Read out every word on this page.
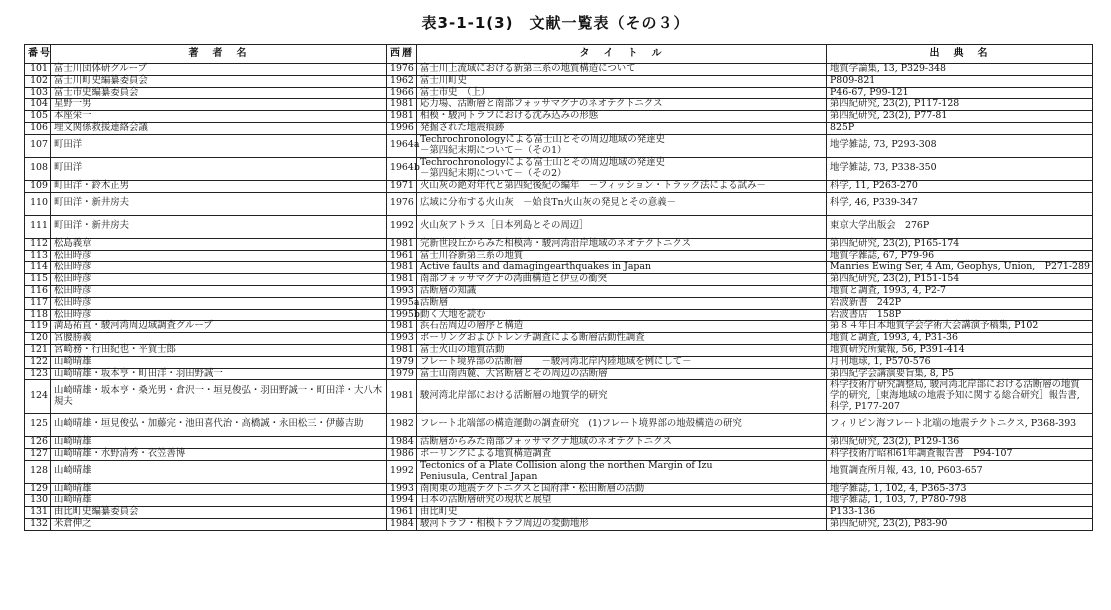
表3-1-1(3)　文献一覧表（その３）
番号	著　者　名	西暦	タ　イ　ト　ル	出　典　名
101	富士川団体研グループ	1976	富士川上流域における新第三系の地質構造について	地質学論集, 13, P329-348
102	富士川町史編纂委員会	1962	富士川町史	P809-821
103	富士市史編纂委員会	1966	富士市史　（上）	P46-67, P99-121
104	星野一男	1981	応力場、活断層と南部フォッサマグナのネオテクトニクス	第四紀研究, 23(2), P117-128
105	本座栄一	1981	相模・駿河トラフにおける沈み込みの形態	第四紀研究, 23(2), P77-81
106	埋文関係救援連絡会議	1996	発掘された地震痕跡	825P
107	町田洋	1964a	Techrochronologyによる富士山とその周辺地域の発達史
－第四紀末期について－（その1）	地学雑誌, 73, P293-308
108	町田洋	1964b	Techrochronologyによる富士山とその周辺地域の発達史
－第四紀末期について－（その2）	地学雑誌, 73, P338-350
109	町田洋・鈴木正男	1971	火山灰の絶対年代と第四紀後紀の編年　－フィッション・トラック法による試み－	科学, 11, P263-270
110	町田洋・新井房夫	1976	広域に分布する火山灰　－姶良Tn火山灰の発見とその意義－	科学, 46, P339-347
111	町田洋・新井房夫	1992	火山灰アトラス［日本列島とその周辺］	東京大学出版会　276P
112	松島義章	1981	完新世段丘からみた相模湾・駿河湾沿岸地域のネオテクトニクス	第四紀研究, 23(2), P165-174
113	松田時彦	1961	富士川谷新第三系の地質	地質学雑誌, 67, P79-96
114	松田時彦	1981	Active faults and damagingearthquakes in Japan	Manries Ewing Ser, 4 Am, Geophys, Union,　P271-289
115	松田時彦	1981	南部フォッサマグナの湾曲構造と伊豆の衝突	第四紀研究, 23(2), P151-154
116	松田時彦	1993	活断層の知識	地質と調査, 1993, 4, P2-7
117	松田時彦	1995a	活断層	岩波新書　242P
118	松田時彦	1995b	動く大地を読む	岩波書店　158P
119	満島祐直・駿河湾周辺域調査グループ	1981	浜石岳周辺の層序と構造	第８４年日本地質学会学術大会講演予稿集, P102
120	宮腰勝義	1993	ボーリングおよびトレンチ調査による断層活動性調査	地質と調査, 1993, 4, P31-36
121	宮崎務・行田紀也・平賀士郎	1981	富士火山の地質活動	地質研究所彙報, 56, P391-414
122	山崎晴雄	1979	フレート境界部の活断層　　－駿河湾北岸内陸地域を例にして－	月刊地球, 1, P570-576
123	山崎晴雄・坂本亨・町田洋・羽田野誠一	1979	富士山南西麓、大宮断層とその周辺の活断層	第四紀学会講演要旨集, 8, P5
124	山崎晴雄・坂本亨・桑光男・倉沢一・垣見俊弘・羽田野誠一・町田洋・大八木規夫	1981	駿河湾北岸部における活断層の地質学的研究	科学技術庁研究調整局, 駿河湾北岸部における活断層の地質学的研究,［東海地域の地震予知に関する総合研究］報告書, 科学, P177-207
125	山崎晴雄・垣見俊弘・加藤完・池田喜代治・高橋誠・永田松三・伊藤吉助	1982	フレート北端部の構造運動の調査研究　(1)フレート境界部の地殻構造の研究	フィリピン海フレート北端の地震テクトニクス, P368-393
126	山崎晴雄	1984	活断層からみた南部フォッサマグナ地域のネオテクトニクス	第四紀研究, 23(2), P129-136
127	山崎晴雄・水野清秀・衣笠善博	1986	ボーリングによる地質構造調査	科学技術庁昭和61年調査報告書　P94-107
128	山崎晴雄	1992	Tectonics of a Plate Collision along the northen Margin of Izu
Peniusula, Central Japan	地質調査所月報, 43, 10, P603-657
129	山崎晴雄	1993	南関東の地震テクトニクスと国府津・松田断層の活動	地学雑誌, 1, 102, 4, P365-373
130	山崎晴雄	1994	日本の活断層研究の現状と展望	地学雑誌, 1, 103, 7, P780-798
131	由比町史編纂委員会	1961	由比町史	P133-136
132	米倉伸之	1984	駿河トラフ・相模トラフ周辺の変動地形	第四紀研究, 23(2), P83-90
